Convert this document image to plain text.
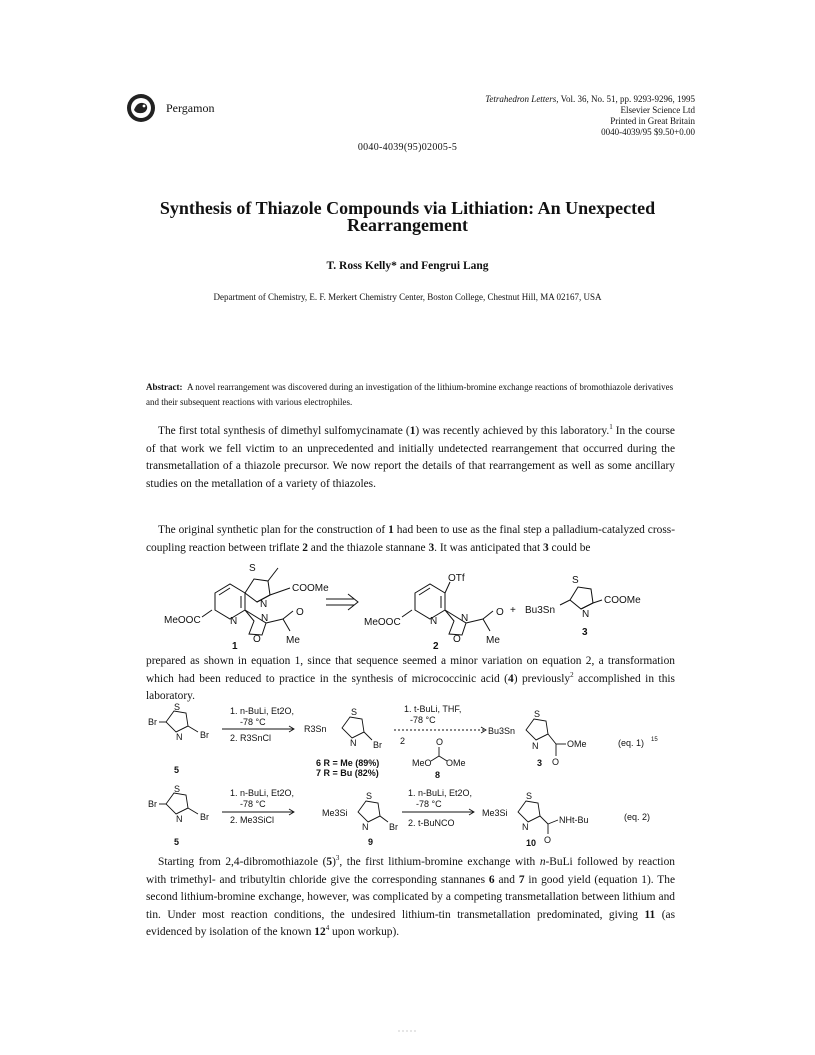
Pergamon
Tetrahedron Letters, Vol. 36, No. 51, pp. 9293-9296, 1995
Elsevier Science Ltd
Printed in Great Britain
0040-4039/95 $9.50+0.00
0040-4039(95)02005-5
Synthesis of Thiazole Compounds via Lithiation: An Unexpected Rearrangement
T. Ross Kelly* and Fengrui Lang
Department of Chemistry, E. F. Merkert Chemistry Center, Boston College, Chestnut Hill, MA 02167, USA
Abstract: A novel rearrangement was discovered during an investigation of the lithium-bromine exchange reactions of bromothiazole derivatives and their subsequent reactions with various electrophiles.

The first total synthesis of dimethyl sulfomycinamate (1) was recently achieved by this laboratory.$^1$ In the course of that work we fell victim to an unprecedented and initially undetected rearrangement that occurred during the transmetallation of a thiazole precursor. We now report the details of that rearrangement as well as some ancillary studies on the metallation of a variety of thiazoles.

The original synthetic plan for the construction of 1 had been to use as the final step a palladium-catalyzed cross-coupling reaction between triflate 2 and the thiazole stannane 3. It was anticipated that 3 could be

S
N
COOMe
MeOOC	N N
O
O	Me
1
OTf
MeOOC	N N
O
O	Me
2
+
S
N
Bu3Sn
COOMe
3

prepared as shown in equation 1, since that sequence seemed a minor variation on equation 2, a transformation which had been reduced to practice in the synthesis of micrococcinic acid (4) previously$^2$ accomplished in this laboratory.

S
Br
N Br
5
1. n-BuLi, Et2O,
-78 °C
2. R3SnCl
R3Sn
S
N Br
6 R = Me (89%)
7 R = Bu (82%)
1. t-BuLi, THF,
-78 °C
2	O
MeO OMe
8
Bu3Sn
S
N	OMe
O
3
(eq. 1) 15
S
Br
N Br
5
1. n-BuLi, Et2O,
-78 °C
2. Me3SiCl
Me3Si
S
N Br
9
1. n-BuLi, Et2O,
-78 °C
2. t-BuNCO
Me3Si
S
N
NHt-Bu
O
10
(eq. 2)

Starting from 2,4-dibromothiazole $(5)^3$, the first lithium-bromine exchange with n-BuLi followed by reaction with trimethyl- and tributyltin chloride give the corresponding stannanes 6 and 7 in good yield (equation 1). The second lithium-bromine exchange, however, was complicated by a competing transmetallation between lithium and tin. Under most reaction conditions, the undesired lithium-tin transmetallation predominated, giving 11 (as evidenced by isolation of the known $12^4$ upon workup).
